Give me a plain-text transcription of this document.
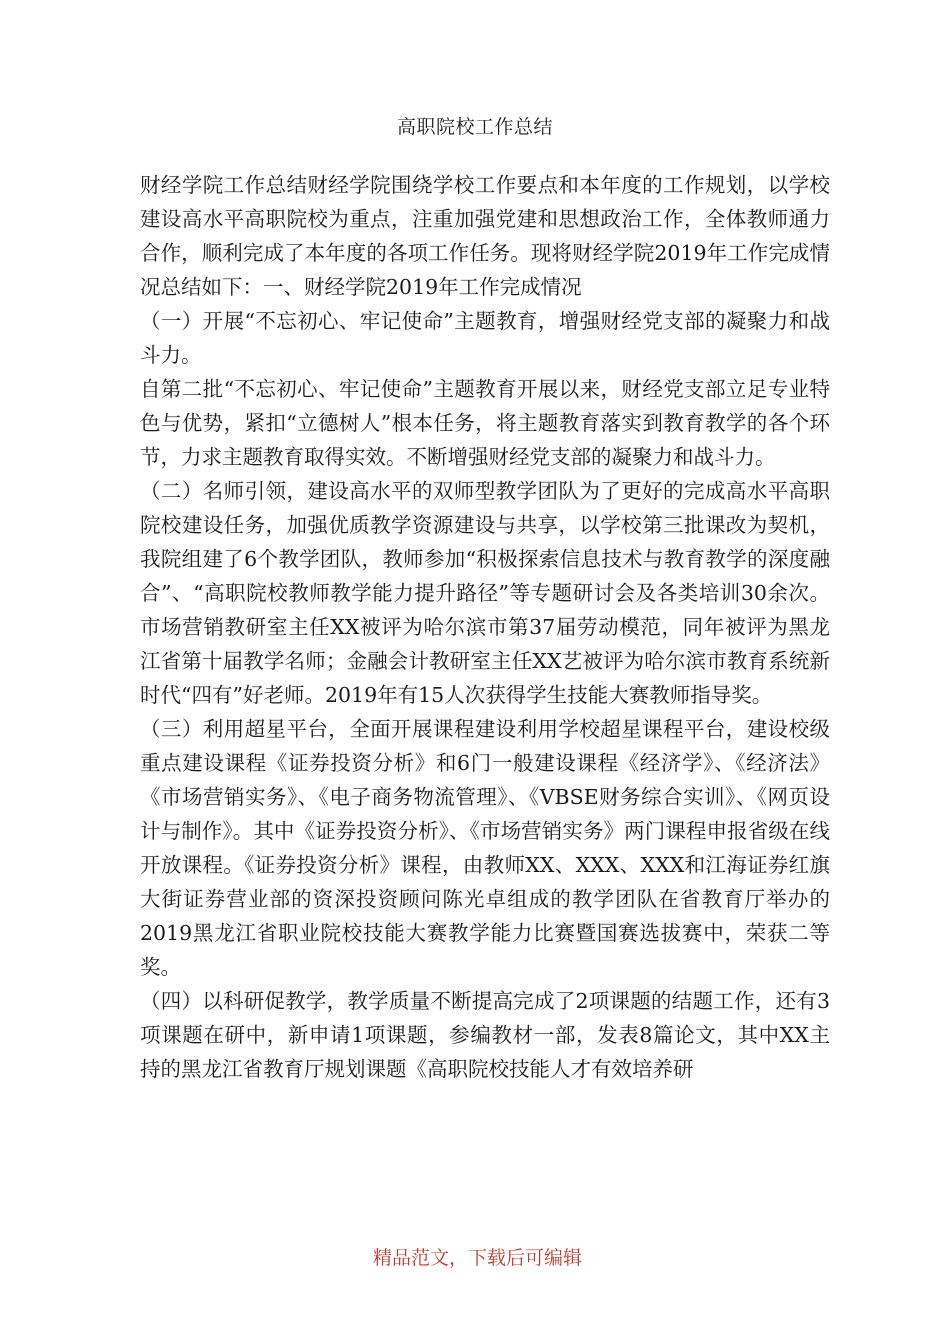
高职院校工作总结

财经学院工作总结财经学院围绕学校工作要点和本年度的工作规划，以学校建设高水平高职院校为重点，注重加强党建和思想政治工作，全体教师通力合作，顺利完成了本年度的各项工作任务。现将财经学院2019年工作完成情况总结如下：一、财经学院2019年工作完成情况

（一）开展“不忘初心、牢记使命”主题教育，增强财经党支部的凝聚力和战斗力。

自第二批“不忘初心、牢记使命”主题教育开展以来，财经党支部立足专业特色与优势，紧扣“立德树人”根本任务，将主题教育落实到教育教学的各个环节，力求主题教育取得实效。不断增强财经党支部的凝聚力和战斗力。

（二）名师引领，建设高水平的双师型教学团队为了更好的完成高水平高职院校建设任务，加强优质教学资源建设与共享，以学校第三批课改为契机，我院组建了6个教学团队，教师参加“积极探索信息技术与教育教学的深度融合”、“高职院校教师教学能力提升路径”等专题研讨会及各类培训30余次。市场营销教研室主任XX被评为哈尔滨市第37届劳动模范，同年被评为黑龙江省第十届教学名师；金融会计教研室主任XX艺被评为哈尔滨市教育系统新时代“四有”好老师。2019年有15人次获得学生技能大赛教师指导奖。

（三）利用超星平台，全面开展课程建设利用学校超星课程平台，建设校级重点建设课程《证券投资分析》和6门一般建设课程《经济学》、《经济法》《市场营销实务》、《电子商务物流管理》、《VBSE财务综合实训》、《网页设计与制作》。其中《证券投资分析》、《市场营销实务》两门课程申报省级在线开放课程。《证券投资分析》课程，由教师XX、XXX、XXX和江海证券红旗大街证券营业部的资深投资顾问陈光卓组成的教学团队在省教育厅举办的2019黑龙江省职业院校技能大赛教学能力比赛暨国赛选拔赛中，荣获二等奖。

（四）以科研促教学，教学质量不断提高完成了2项课题的结题工作，还有3项课题在研中，新申请1项课题，参编教材一部，发表8篇论文，其中XX主持的黑龙江省教育厅规划课题《高职院校技能人才有效培养研

精品范文，下载后可编辑
